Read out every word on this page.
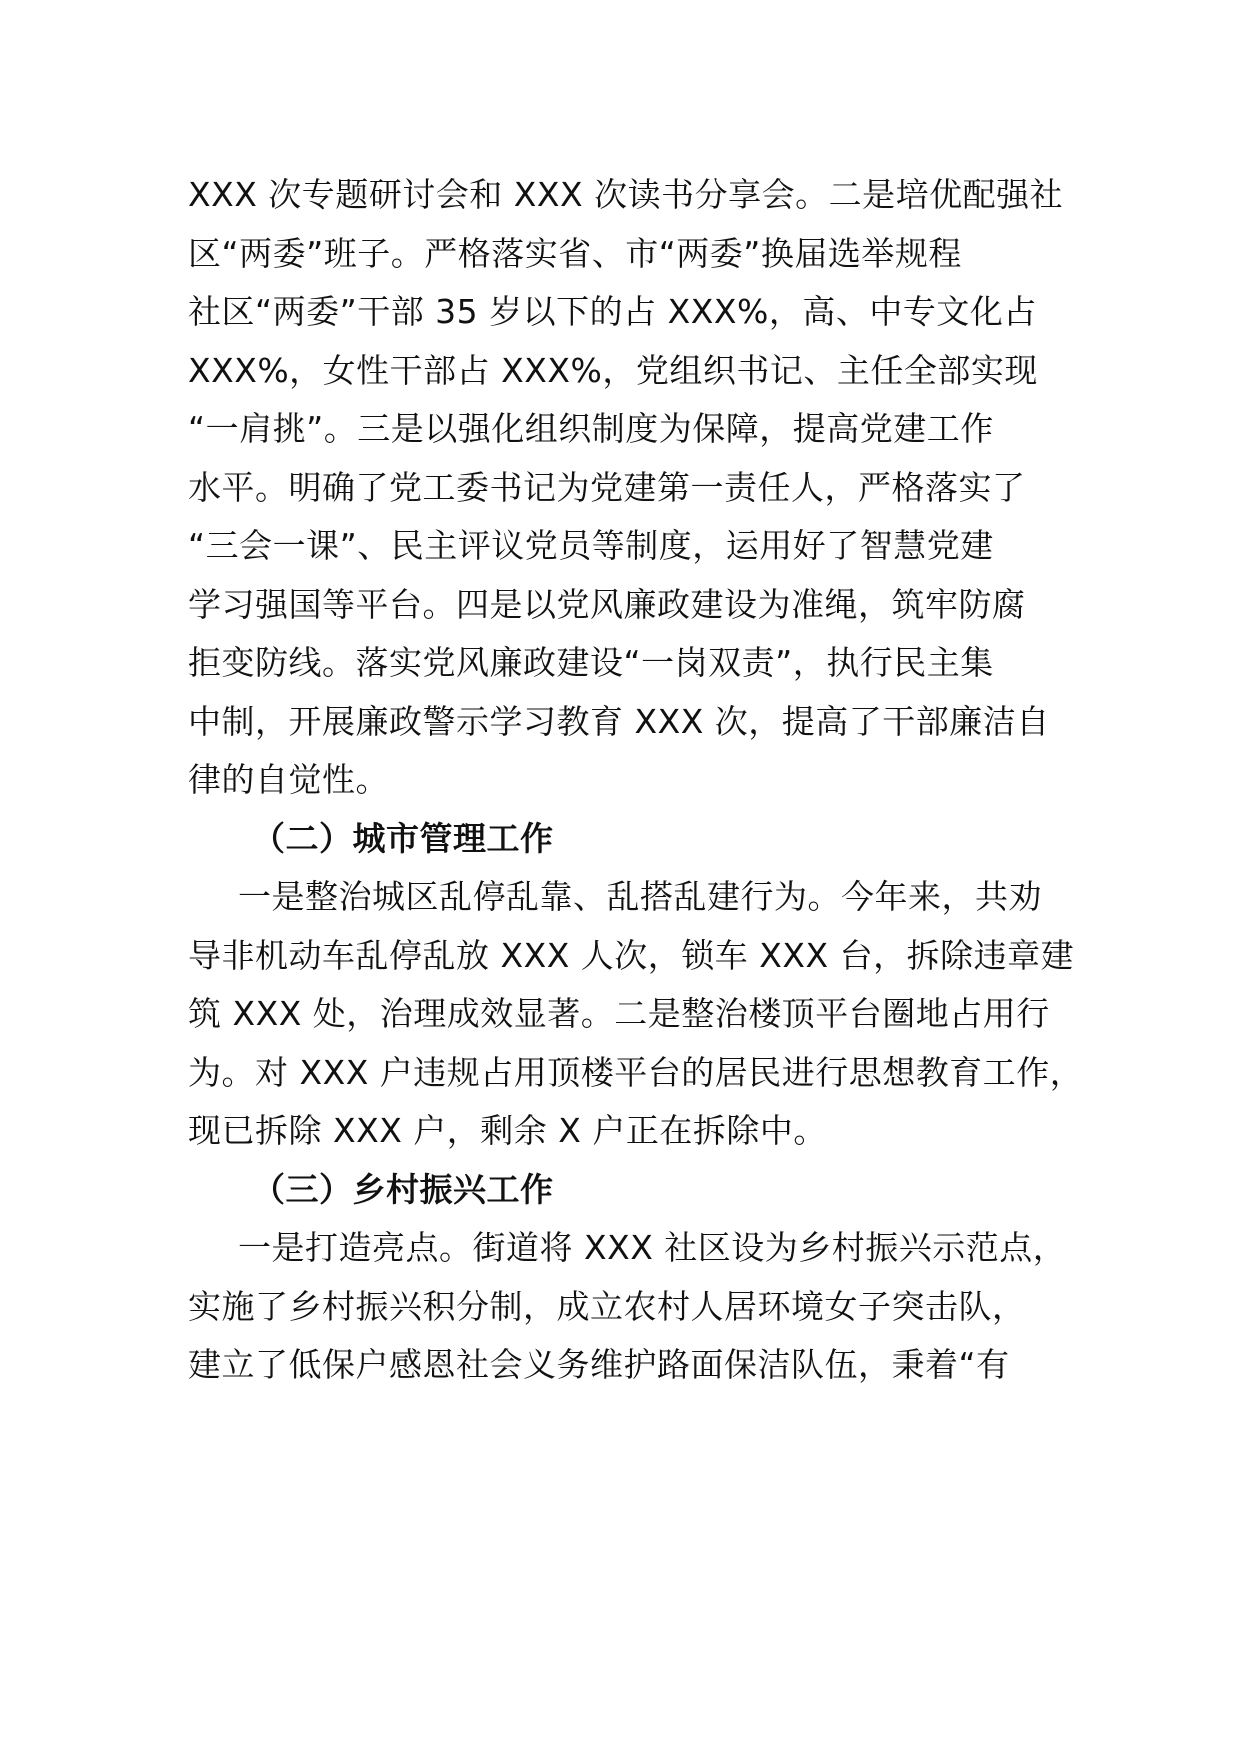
XXX 次专题研讨会和 XXX 次读书分享会。二是培优配强社
区“两委”班子。严格落实省、市“两委”换届选举规程
社区“两委”干部 35 岁以下的占 XXX%，高、中专文化占
XXX%，女性干部占 XXX%，党组织书记、主任全部实现
“一肩挑”。三是以强化组织制度为保障，提高党建工作
水平。明确了党工委书记为党建第一责任人，严格落实了
“三会一课”、民主评议党员等制度，运用好了智慧党建
学习强国等平台。四是以党风廉政建设为准绳，筑牢防腐
拒变防线。落实党风廉政建设“一岗双责”，执行民主集
中制，开展廉政警示学习教育 XXX 次，提高了干部廉洁自
律的自觉性。
（二）城市管理工作
一是整治城区乱停乱靠、乱搭乱建行为。今年来，共劝
导非机动车乱停乱放 XXX 人次，锁车 XXX 台，拆除违章建
筑 XXX 处，治理成效显著。二是整治楼顶平台圈地占用行
为。对 XXX 户违规占用顶楼平台的居民进行思想教育工作，
现已拆除 XXX 户，剩余 X 户正在拆除中。
（三）乡村振兴工作
一是打造亮点。街道将 XXX 社区设为乡村振兴示范点，
实施了乡村振兴积分制，成立农村人居环境女子突击队，
建立了低保户感恩社会义务维护路面保洁队伍，秉着“有
